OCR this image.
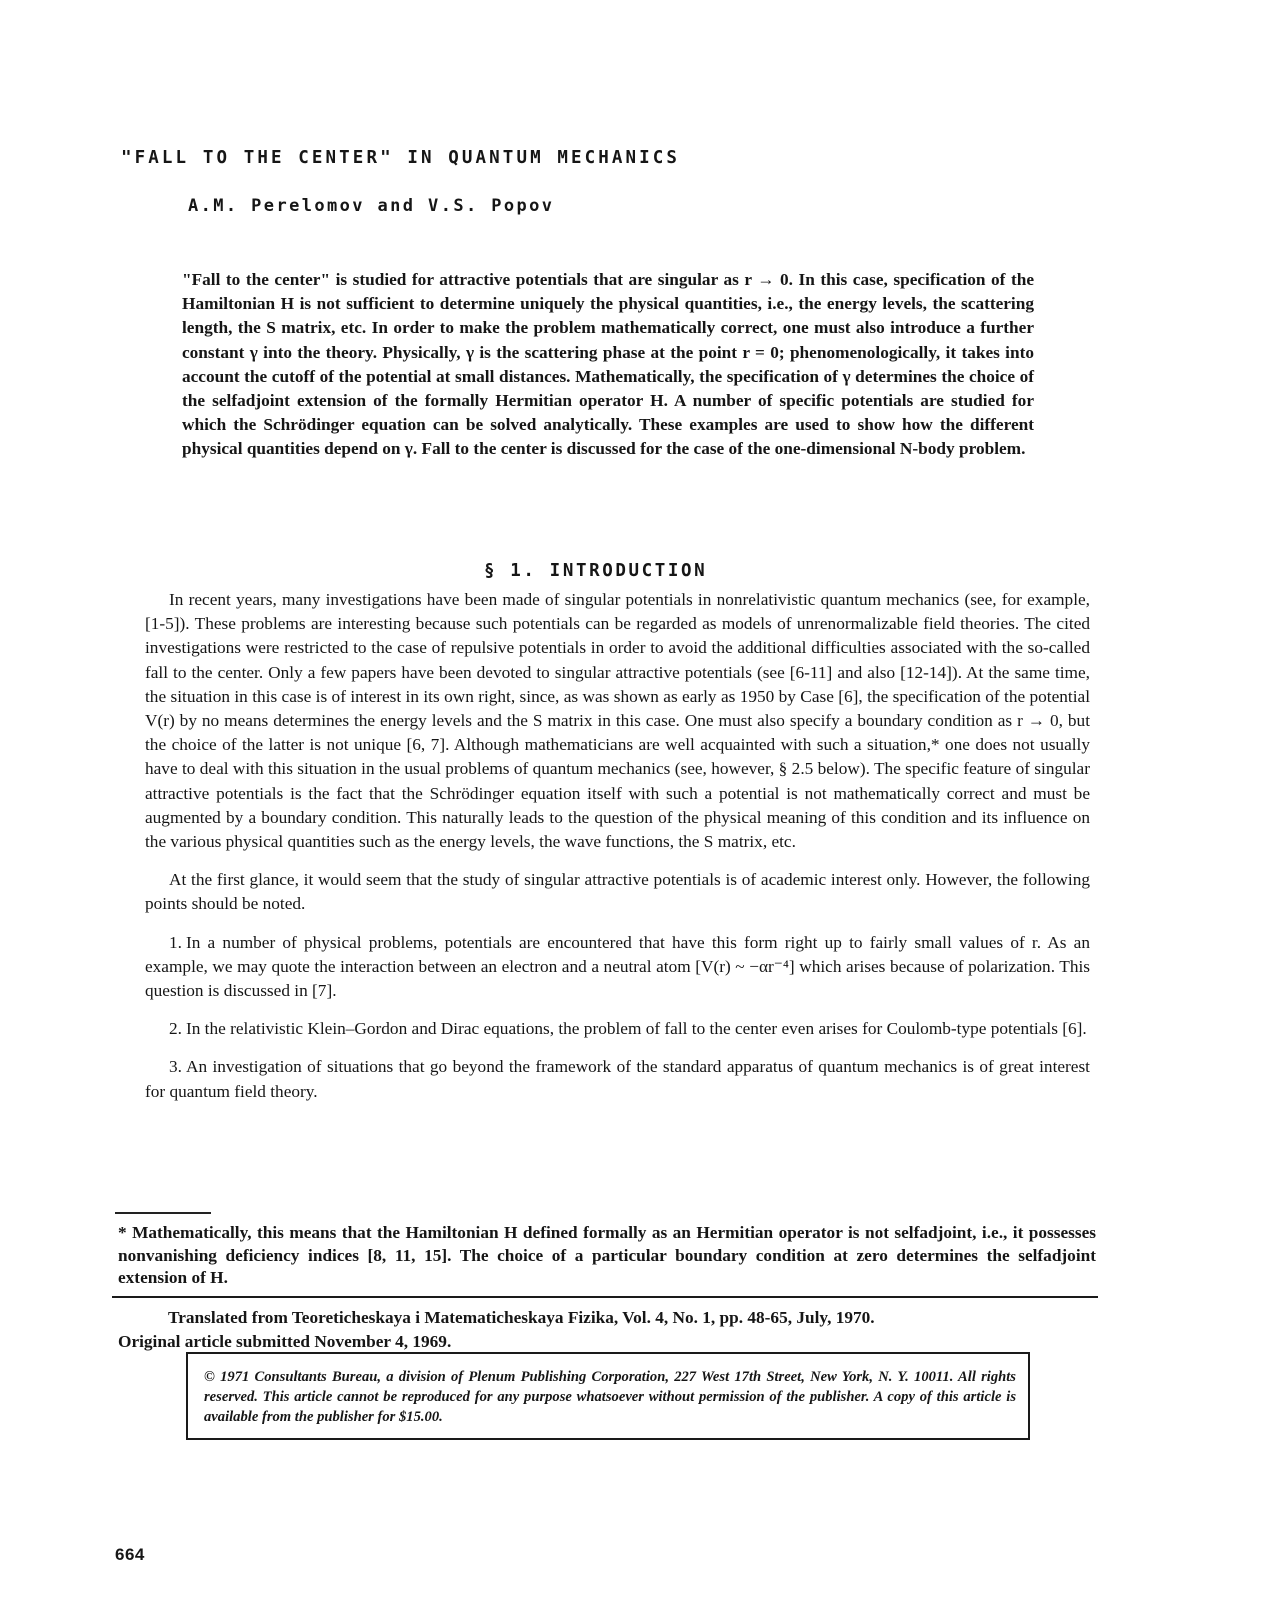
"FALL TO THE CENTER" IN QUANTUM MECHANICS
A.M. Perelomov and V.S. Popov

"Fall to the center" is studied for attractive potentials that are singular as r → 0. In this case, specification of the Hamiltonian H is not sufficient to determine uniquely the physical quantities, i.e., the energy levels, the scattering length, the S matrix, etc. In order to make the problem mathematically correct, one must also introduce a further constant γ into the theory. Physically, γ is the scattering phase at the point r = 0; phenomenologically, it takes into account the cutoff of the potential at small distances. Mathematically, the specification of γ determines the choice of the selfadjoint extension of the formally Hermitian operator H. A number of specific potentials are studied for which the Schrödinger equation can be solved analytically. These examples are used to show how the different physical quantities depend on γ. Fall to the center is discussed for the case of the one-dimensional N-body problem.

§ 1. INTRODUCTION

In recent years, many investigations have been made of singular potentials in nonrelativistic quantum mechanics (see, for example, [1-5]). These problems are interesting because such potentials can be regarded as models of unrenormalizable field theories. The cited investigations were restricted to the case of repulsive potentials in order to avoid the additional difficulties associated with the so-called fall to the center. Only a few papers have been devoted to singular attractive potentials (see [6-11] and also [12-14]). At the same time, the situation in this case is of interest in its own right, since, as was shown as early as 1950 by Case [6], the specification of the potential V(r) by no means determines the energy levels and the S matrix in this case. One must also specify a boundary condition as r → 0, but the choice of the latter is not unique [6, 7]. Although mathematicians are well acquainted with such a situation,* one does not usually have to deal with this situation in the usual problems of quantum mechanics (see, however, § 2.5 below). The specific feature of singular attractive potentials is the fact that the Schrödinger equation itself with such a potential is not mathematically correct and must be augmented by a boundary condition. This naturally leads to the question of the physical meaning of this condition and its influence on the various physical quantities such as the energy levels, the wave functions, the S matrix, etc.

At the first glance, it would seem that the study of singular attractive potentials is of academic interest only. However, the following points should be noted.

1. In a number of physical problems, potentials are encountered that have this form right up to fairly small values of r. As an example, we may quote the interaction between an electron and a neutral atom [V(r) ~ −αr⁻⁴] which arises because of polarization. This question is discussed in [7].

2. In the relativistic Klein–Gordon and Dirac equations, the problem of fall to the center even arises for Coulomb-type potentials [6].

3. An investigation of situations that go beyond the framework of the standard apparatus of quantum mechanics is of great interest for quantum field theory.

* Mathematically, this means that the Hamiltonian H defined formally as an Hermitian operator is not selfadjoint, i.e., it possesses nonvanishing deficiency indices [8, 11, 15]. The choice of a particular boundary condition at zero determines the selfadjoint extension of H.

Translated from Teoreticheskaya i Matematicheskaya Fizika, Vol. 4, No. 1, pp. 48-65, July, 1970.
Original article submitted November 4, 1969.

© 1971 Consultants Bureau, a division of Plenum Publishing Corporation, 227 West 17th Street, New York, N. Y. 10011. All rights reserved. This article cannot be reproduced for any purpose whatsoever without permission of the publisher. A copy of this article is available from the publisher for $15.00.

664
